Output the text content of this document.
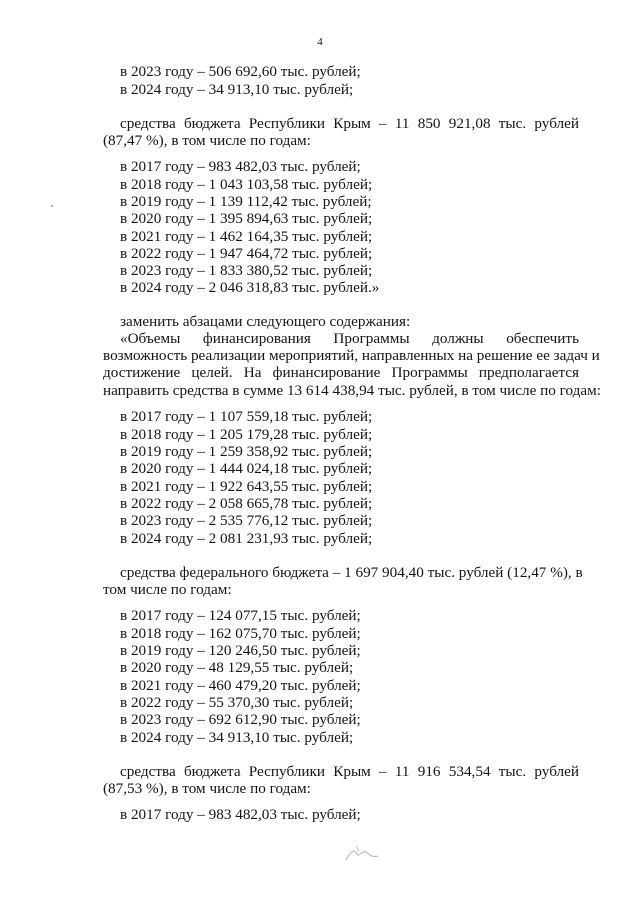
4
в 2023 году – 506 692,60 тыс. рублей;
в 2024 году – 34 913,10 тыс. рублей;
средства бюджета Республики Крым – 11 850 921,08 тыс. рублей
(87,47 %), в том числе по годам:
в 2017 году – 983 482,03 тыс. рублей;
в 2018 году – 1 043 103,58 тыс. рублей;
в 2019 году – 1 139 112,42 тыс. рублей;
в 2020 году – 1 395 894,63 тыс. рублей;
в 2021 году – 1 462 164,35 тыс. рублей;
в 2022 году – 1 947 464,72 тыс. рублей;
в 2023 году – 1 833 380,52 тыс. рублей;
в 2024 году – 2 046 318,83 тыс. рублей.»
заменить абзацами следующего содержания:
«Объемы финансирования Программы должны обеспечить
возможность реализации мероприятий, направленных на решение ее задач и
достижение целей. На финансирование Программы предполагается
направить средства в сумме 13 614 438,94 тыс. рублей, в том числе по годам:
в 2017 году – 1 107 559,18 тыс. рублей;
в 2018 году – 1 205 179,28 тыс. рублей;
в 2019 году – 1 259 358,92 тыс. рублей;
в 2020 году – 1 444 024,18 тыс. рублей;
в 2021 году – 1 922 643,55 тыс. рублей;
в 2022 году – 2 058 665,78 тыс. рублей;
в 2023 году – 2 535 776,12 тыс. рублей;
в 2024 году – 2 081 231,93 тыс. рублей;
средства федерального бюджета – 1 697 904,40 тыс. рублей (12,47 %), в
том числе по годам:
в 2017 году – 124 077,15 тыс. рублей;
в 2018 году – 162 075,70 тыс. рублей;
в 2019 году – 120 246,50 тыс. рублей;
в 2020 году – 48 129,55 тыс. рублей;
в 2021 году – 460 479,20 тыс. рублей;
в 2022 году – 55 370,30 тыс. рублей;
в 2023 году – 692 612,90 тыс. рублей;
в 2024 году – 34 913,10 тыс. рублей;
средства бюджета Республики Крым – 11 916 534,54 тыс. рублей
(87,53 %), в том числе по годам:
в 2017 году – 983 482,03 тыс. рублей;
